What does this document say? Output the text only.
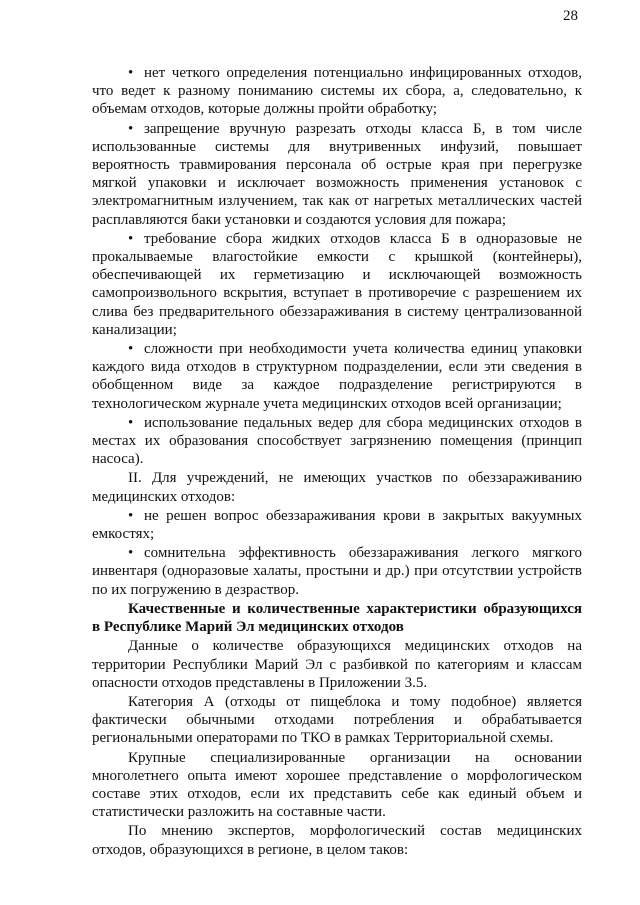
28

• нет четкого определения потенциально инфицированных отходов, что ведет к разному пониманию системы их сбора, а, следовательно, к объемам отходов, которые должны пройти обработку;

• запрещение вручную разрезать отходы класса Б, в том числе использованные системы для внутривенных инфузий, повышает вероятность травмирования персонала об острые края при перегрузке мягкой упаковки и исключает возможность применения установок с электромагнитным излучением, так как от нагретых металлических частей расплавляются баки установки и создаются условия для пожара;

• требование сбора жидких отходов класса Б в одноразовые не прокалываемые влагостойкие емкости с крышкой (контейнеры), обеспечивающей их герметизацию и исключающей возможность самопроизвольного вскрытия, вступает в противоречие с разрешением их слива без предварительного обеззараживания в систему централизованной канализации;

• сложности при необходимости учета количества единиц упаковки каждого вида отходов в структурном подразделении, если эти сведения в обобщенном виде за каждое подразделение регистрируются в технологическом журнале учета медицинских отходов всей организации;

• использование педальных ведер для сбора медицинских отходов в местах их образования способствует загрязнению помещения (принцип насоса).

II. Для учреждений, не имеющих участков по обеззараживанию медицинских отходов:

• не решен вопрос обеззараживания крови в закрытых вакуумных емкостях;

• сомнительна эффективность обеззараживания легкого мягкого инвентаря (одноразовые халаты, простыни и др.) при отсутствии устройств по их погружению в дезраствор.

Качественные и количественные характеристики образующихся в Республике Марий Эл медицинских отходов

Данные о количестве образующихся медицинских отходов на территории Республики Марий Эл с разбивкой по категориям и классам опасности отходов представлены в Приложении 3.5.

Категория А (отходы от пищеблока и тому подобное) является фактически обычными отходами потребления и обрабатывается региональными операторами по ТКО в рамках Территориальной схемы.

Крупные специализированные организации на основании многолетнего опыта имеют хорошее представление о морфологическом составе этих отходов, если их представить себе как единый объем и статистически разложить на составные части.

По мнению экспертов, морфологический состав медицинских отходов, образующихся в регионе, в целом таков:
